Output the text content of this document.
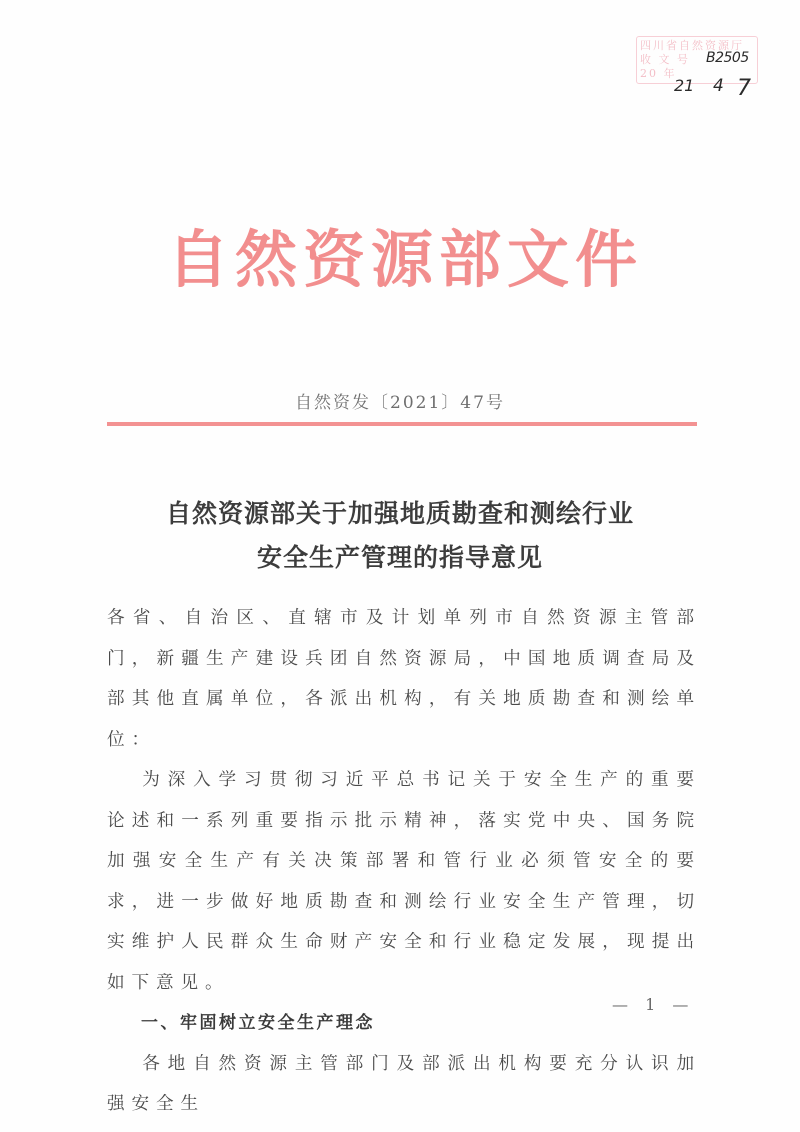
四川省自然资源厅
收 文 号
20 年
B2505
21 4 7
自然资源部文件
自然资发〔2021〕47号
自然资源部关于加强地质勘查和测绘行业
安全生产管理的指导意见

各省、自治区、直辖市及计划单列市自然资源主管部门，新疆生产建设兵团自然资源局，中国地质调查局及部其他直属单位，各派出机构，有关地质勘查和测绘单位：

为深入学习贯彻习近平总书记关于安全生产的重要论述和一系列重要指示批示精神，落实党中央、国务院加强安全生产有关决策部署和管行业必须管安全的要求，进一步做好地质勘查和测绘行业安全生产管理，切实维护人民群众生命财产安全和行业稳定发展，现提出如下意见。

一、牢固树立安全生产理念

各地自然资源主管部门及部派出机构要充分认识加强安全生

— 1 —
